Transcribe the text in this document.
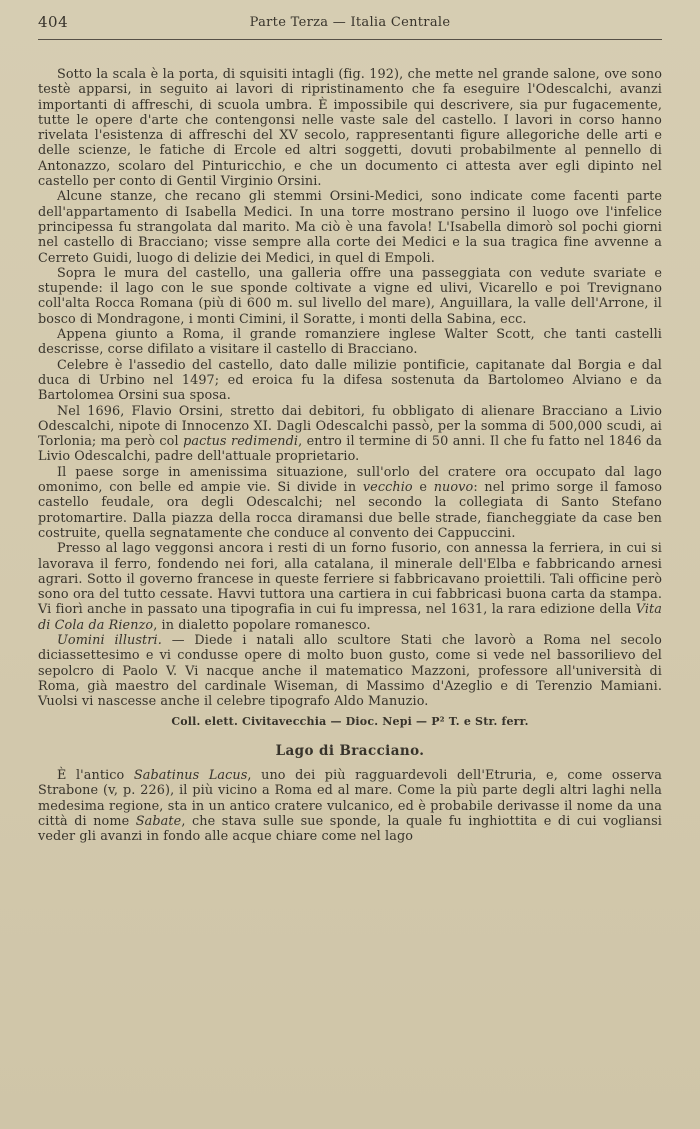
404	Parte Terza — Italia Centrale

Sotto la scala è la porta, di squisiti intagli (fig. 192), che mette nel grande salone, ove sono testè apparsi, in seguito ai lavori di ripristinamento che fa eseguire l'Odescalchi, avanzi importanti di affreschi, di scuola umbra. È impossibile qui descrivere, sia pur fugacemente, tutte le opere d'arte che contengonsi nelle vaste sale del castello. I lavori in corso hanno rivelata l'esistenza di affreschi del XV secolo, rappresentanti figure allegoriche delle arti e delle scienze, le fatiche di Ercole ed altri soggetti, dovuti probabilmente al pennello di Antonazzo, scolaro del Pinturicchio, e che un documento ci attesta aver egli dipinto nel castello per conto di Gentil Virginio Orsini.

Alcune stanze, che recano gli stemmi Orsini-Medici, sono indicate come facenti parte dell'appartamento di Isabella Medici. In una torre mostrano persino il luogo ove l'infelice principessa fu strangolata dal marito. Ma ciò è una favola! L'Isabella dimorò sol pochi giorni nel castello di Bracciano; visse sempre alla corte dei Medici e la sua tragica fine avvenne a Cerreto Guidi, luogo di delizie dei Medici, in quel di Empoli.

Sopra le mura del castello, una galleria offre una passeggiata con vedute svariate e stupende: il lago con le sue sponde coltivate a vigne ed ulivi, Vicarello e poi Trevignano coll'alta Rocca Romana (più di 600 m. sul livello del mare), Anguillara, la valle dell'Arrone, il bosco di Mondragone, i monti Cimini, il Soratte, i monti della Sabina, ecc.

Appena giunto a Roma, il grande romanziere inglese Walter Scott, che tanti castelli descrisse, corse difilato a visitare il castello di Bracciano.

Celebre è l'assedio del castello, dato dalle milizie pontificie, capitanate dal Borgia e dal duca di Urbino nel 1497; ed eroica fu la difesa sostenuta da Bartolomeo Alviano e da Bartolomea Orsini sua sposa.

Nel 1696, Flavio Orsini, stretto dai debitori, fu obbligato di alienare Bracciano a Livio Odescalchi, nipote di Innocenzo XI. Dagli Odescalchi passò, per la somma di 500,000 scudi, ai Torlonia; ma però col pactus redimendi, entro il termine di 50 anni. Il che fu fatto nel 1846 da Livio Odescalchi, padre dell'attuale proprietario.

Il paese sorge in amenissima situazione, sull'orlo del cratere ora occupato dal lago omonimo, con belle ed ampie vie. Si divide in vecchio e nuovo: nel primo sorge il famoso castello feudale, ora degli Odescalchi; nel secondo la collegiata di Santo Stefano protomartire. Dalla piazza della rocca diramansi due belle strade, fiancheggiate da case ben costruite, quella segnatamente che conduce al convento dei Cappuccini.

Presso al lago veggonsi ancora i resti di un forno fusorio, con annessa la ferriera, in cui si lavorava il ferro, fondendo nei fori, alla catalana, il minerale dell'Elba e fabbricando arnesi agrari. Sotto il governo francese in queste ferriere si fabbricavano proiettili. Tali officine però sono ora del tutto cessate. Havvi tuttora una cartiera in cui fabbricasi buona carta da stampa. Vi fiorì anche in passato una tipografia in cui fu impressa, nel 1631, la rara edizione della Vita di Cola da Rienzo, in dialetto popolare romanesco.

Uomini illustri. — Diede i natali allo scultore Stati che lavorò a Roma nel secolo diciassettesimo e vi condusse opere di molto buon gusto, come si vede nel bassorilievo del sepolcro di Paolo V. Vi nacque anche il matematico Mazzoni, professore all'università di Roma, già maestro del cardinale Wiseman, di Massimo d'Azeglio e di Terenzio Mamiani. Vuolsi vi nascesse anche il celebre tipografo Aldo Manuzio.

Coll. elett. Civitavecchia — Dioc. Nepi — P² T. e Str. ferr.

Lago di Bracciano.

È l'antico Sabatinus Lacus, uno dei più ragguardevoli dell'Etruria, e, come osserva Strabone (v, p. 226), il più vicino a Roma ed al mare. Come la più parte degli altri laghi nella medesima regione, sta in un antico cratere vulcanico, ed è probabile derivasse il nome da una città di nome Sabate, che stava sulle sue sponde, la quale fu inghiottita e di cui vogliansi veder gli avanzi in fondo alle acque chiare come nel lago
